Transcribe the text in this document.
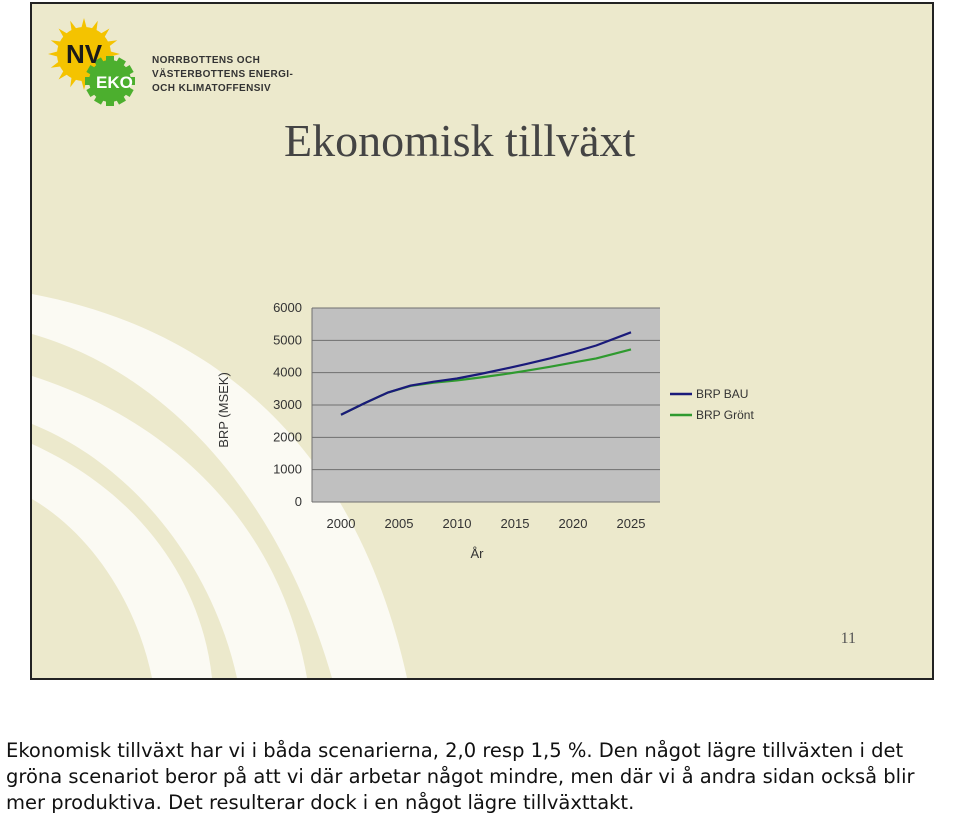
NV
EKO

NORRBOTTENS OCH
VÄSTERBOTTENS ENERGI-
OCH KLIMATOFFENSIV

Ekonomisk tillväxt
0
1000
2000
3000
4000
5000
6000
2000 2005 2010 2015 2020 2025
BRP BAU
BRP Grönt
BRP (MSEK)
År
11

Ekonomisk tillväxt har vi i båda scenarierna, 2,0 resp 1,5 %. Den något lägre tillväxten i det gröna scenariot beror på att vi där arbetar något mindre, men där vi å andra sidan också blir mer produktiva. Det resulterar dock i en något lägre tillväxttakt.
